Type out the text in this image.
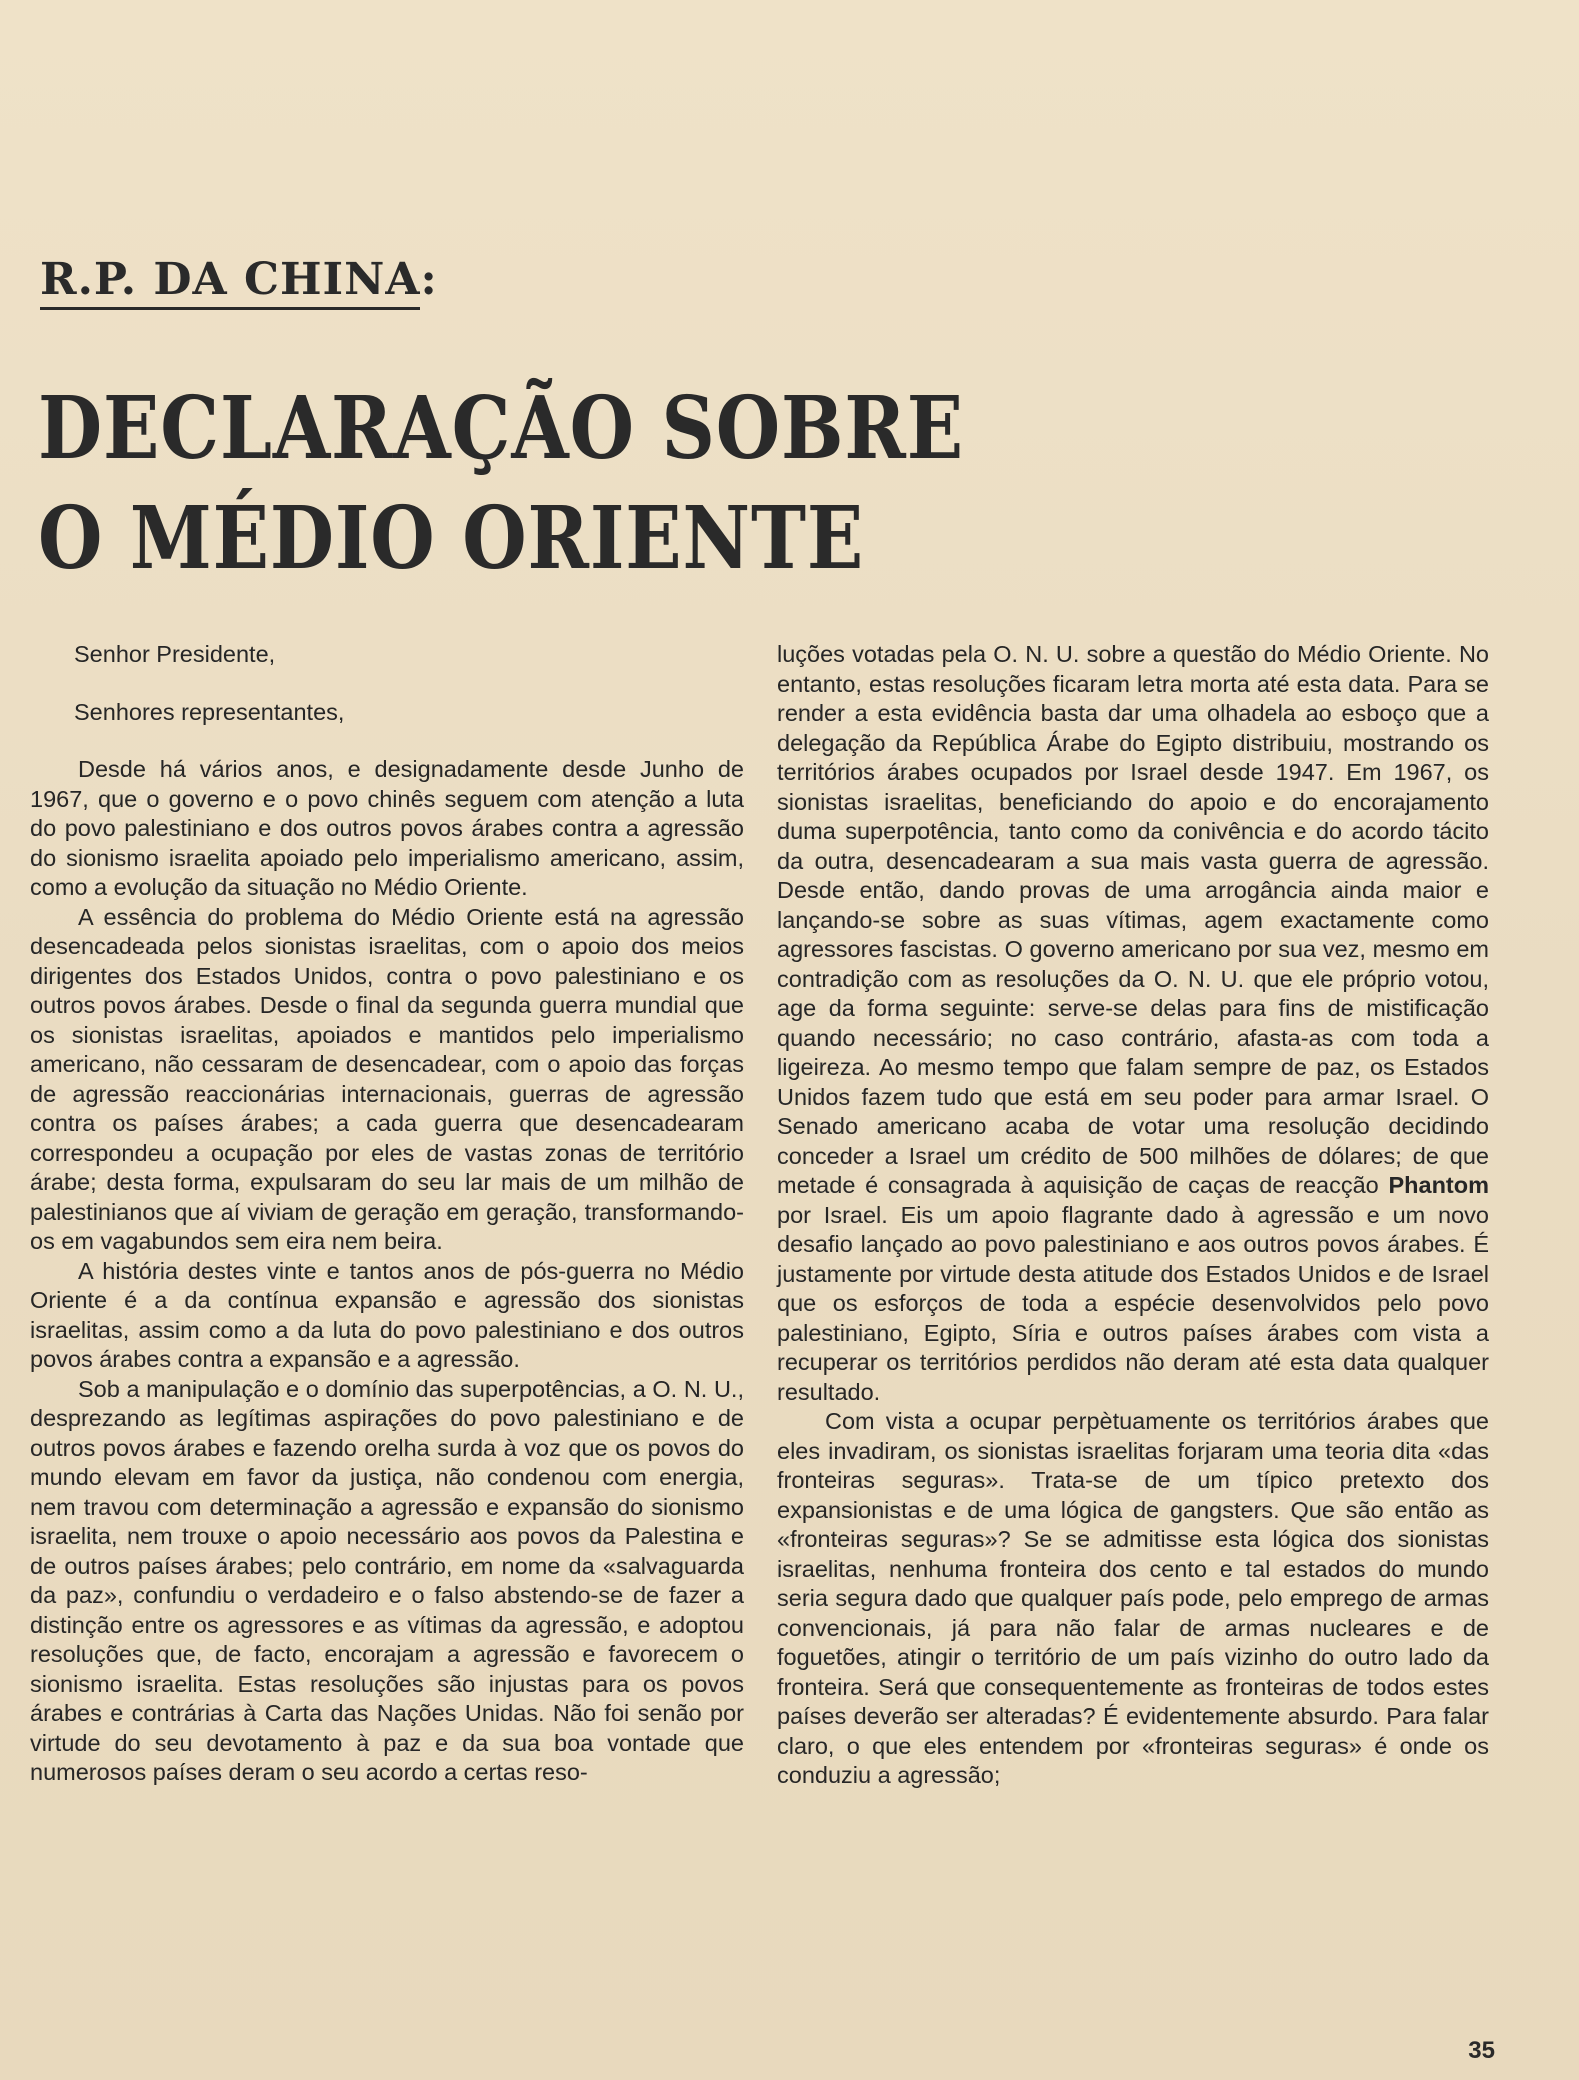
R.P. DA CHINA:
DECLARAÇÃO SOBRE
O MÉDIO ORIENTE

Senhor Presidente,

Senhores representantes,

Desde há vários anos, e designadamente desde Junho de 1967, que o governo e o povo chinês seguem com atenção a luta do povo palestiniano e dos outros povos árabes contra a agressão do sionismo israelita apoiado pelo imperialismo americano, assim, como a evolução da situação no Médio Oriente.

A essência do problema do Médio Oriente está na agressão desencadeada pelos sionistas israelitas, com o apoio dos meios dirigentes dos Estados Unidos, contra o povo palestiniano e os outros povos árabes. Desde o final da segunda guerra mundial que os sionistas israelitas, apoiados e mantidos pelo imperialismo americano, não cessaram de desencadear, com o apoio das forças de agressão reaccionárias internacionais, guerras de agressão contra os países árabes; a cada guerra que desencadearam correspondeu a ocupação por eles de vastas zonas de território árabe; desta forma, expulsaram do seu lar mais de um milhão de palestinianos que aí viviam de geração em geração, transformando-os em vagabundos sem eira nem beira.

A história destes vinte e tantos anos de pós-guerra no Médio Oriente é a da contínua expansão e agressão dos sionistas israelitas, assim como a da luta do povo palestiniano e dos outros povos árabes contra a expansão e a agressão.

Sob a manipulação e o domínio das superpotências, a O. N. U., desprezando as legítimas aspirações do povo palestiniano e de outros povos árabes e fazendo orelha surda à voz que os povos do mundo elevam em favor da justiça, não condenou com energia, nem travou com determinação a agressão e expansão do sionismo israelita, nem trouxe o apoio necessário aos povos da Palestina e de outros países árabes; pelo contrário, em nome da «salvaguarda da paz», confundiu o verdadeiro e o falso abstendo-se de fazer a distinção entre os agressores e as vítimas da agressão, e adoptou resoluções que, de facto, encorajam a agressão e favorecem o sionismo israelita. Estas resoluções são injustas para os povos árabes e contrárias à Carta das Nações Unidas. Não foi senão por virtude do seu devotamento à paz e da sua boa vontade que numerosos países deram o seu acordo a certas reso-

luções votadas pela O. N. U. sobre a questão do Médio Oriente. No entanto, estas resoluções ficaram letra morta até esta data. Para se render a esta evidência basta dar uma olhadela ao esboço que a delegação da República Árabe do Egipto distribuiu, mostrando os territórios árabes ocupados por Israel desde 1947. Em 1967, os sionistas israelitas, beneficiando do apoio e do encorajamento duma superpotência, tanto como da conivência e do acordo tácito da outra, desencadearam a sua mais vasta guerra de agressão. Desde então, dando provas de uma arrogância ainda maior e lançando-se sobre as suas vítimas, agem exactamente como agressores fascistas. O governo americano por sua vez, mesmo em contradição com as resoluções da O. N. U. que ele próprio votou, age da forma seguinte: serve-se delas para fins de mistificação quando necessário; no caso contrário, afasta-as com toda a ligeireza. Ao mesmo tempo que falam sempre de paz, os Estados Unidos fazem tudo que está em seu poder para armar Israel. O Senado americano acaba de votar uma resolução decidindo conceder a Israel um crédito de 500 milhões de dólares; de que metade é consagrada à aquisição de caças de reacção Phantom por Israel. Eis um apoio flagrante dado à agressão e um novo desafio lançado ao povo palestiniano e aos outros povos árabes. É justamente por virtude desta atitude dos Estados Unidos e de Israel que os esforços de toda a espécie desenvolvidos pelo povo palestiniano, Egipto, Síria e outros países árabes com vista a recuperar os territórios perdidos não deram até esta data qualquer resultado.

Com vista a ocupar perpètuamente os territórios árabes que eles invadiram, os sionistas israelitas forjaram uma teoria dita «das fronteiras seguras». Trata-se de um típico pretexto dos expansionistas e de uma lógica de gangsters. Que são então as «fronteiras seguras»? Se se admitisse esta lógica dos sionistas israelitas, nenhuma fronteira dos cento e tal estados do mundo seria segura dado que qualquer país pode, pelo emprego de armas convencionais, já para não falar de armas nucleares e de foguetões, atingir o território de um país vizinho do outro lado da fronteira. Será que consequentemente as fronteiras de todos estes países deverão ser alteradas? É evidentemente absurdo. Para falar claro, o que eles entendem por «fronteiras seguras» é onde os conduziu a agressão;

35
